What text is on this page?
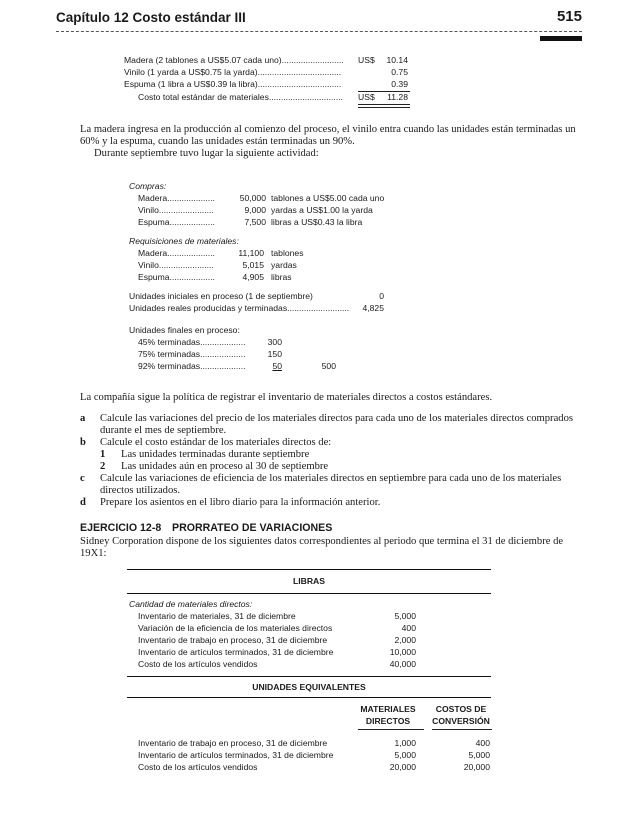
Capítulo 12 Costo estándar III	515
Madera (2 tablones a US$5.07 cada uno).......................... US$	10.14
Vinilo (1 yarda a US$0.75 la yarda)...................................	0.75
Espuma (1 libra a US$0.39 la libra)...................................	0.39
Costo total estándar de materiales............................... US$	11.28
La madera ingresa en la producción al comienzo del proceso, el vinilo entra cuando las unidades están terminadas un 60% y la espuma, cuando las unidades están terminadas un 90%.
Durante septiembre tuvo lugar la siguiente actividad:
Compras:
Madera....................	50,000 tablones a US$5.00 cada uno
Vinilo.......................	9,000 yardas a US$1.00 la yarda
Espuma...................	7,500 libras a US$0.43 la libra
Requisiciones de materiales:
Madera....................	11,100 tablones
Vinilo.......................	5,015 yardas
Espuma...................	4,905 libras
Unidades iniciales en proceso (1 de septiembre)	0
Unidades reales producidas y terminadas..........................	4,825
Unidades finales en proceso:
45% terminadas...................	300
75% terminadas...................	150
92% terminadas...................	50	500
La compañía sigue la política de registrar el inventario de materiales directos a costos estándares.
a Calcule las variaciones del precio de los materiales directos para cada uno de los materiales directos comprados durante el mes de septiembre.
b Calcule el costo estándar de los materiales directos de:
1 Las unidades terminadas durante septiembre
2 Las unidades aún en proceso al 30 de septiembre
c Calcule las variaciones de eficiencia de los materiales directos en septiembre para cada uno de los materiales directos utilizados.
d Prepare los asientos en el libro diario para la información anterior.
EJERCICIO 12-8 PRORRATEO DE VARIACIONES
Sidney Corporation dispone de los siguientes datos correspondientes al periodo que termina el 31 de diciembre de 19X1:
LIBRAS
Cantidad de materiales directos:
Inventario de materiales, 31 de diciembre	5,000
Variación de la eficiencia de los materiales directos	400
Inventario de trabajo en proceso, 31 de diciembre	2,000
Inventario de artículos terminados, 31 de diciembre	10,000
Costo de los artículos vendidos	40,000
UNIDADES EQUIVALENTES
MATERIALES
DIRECTOS
COSTOS DE
CONVERSIÓN
Inventario de trabajo en proceso, 31 de diciembre	1,000	400
Inventario de artículos terminados, 31 de diciembre	5,000	5,000
Costo de los artículos vendidos	20,000	20,000
